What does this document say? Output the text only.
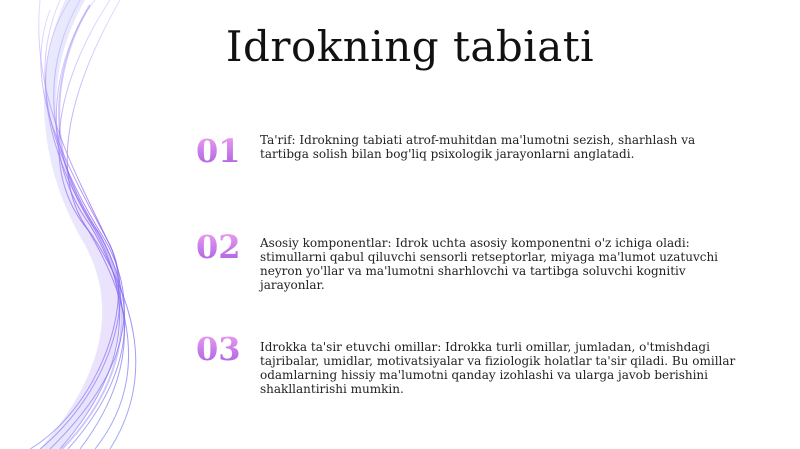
Idrokning tabiati
01	Ta'rif: Idrokning tabiati atrof-muhitdan ma'lumotni sezish, sharhlash va tartibga solish bilan bog'liq psixologik jarayonlarni anglatadi.
02	Asosiy komponentlar: Idrok uchta asosiy komponentni o'z ichiga oladi: stimullarni qabul qiluvchi sensorli retseptorlar, miyaga ma'lumot uzatuvchi neyron yo'llar va ma'lumotni sharhlovchi va tartibga soluvchi kognitiv jarayonlar.
03	Idrokka ta'sir etuvchi omillar: Idrokka turli omillar, jumladan, o'tmishdagi tajribalar, umidlar, motivatsiyalar va fiziologik holatlar ta'sir qiladi. Bu omillar odamlarning hissiy ma'lumotni qanday izohlashi va ularga javob berishini shakllantirishi mumkin.
